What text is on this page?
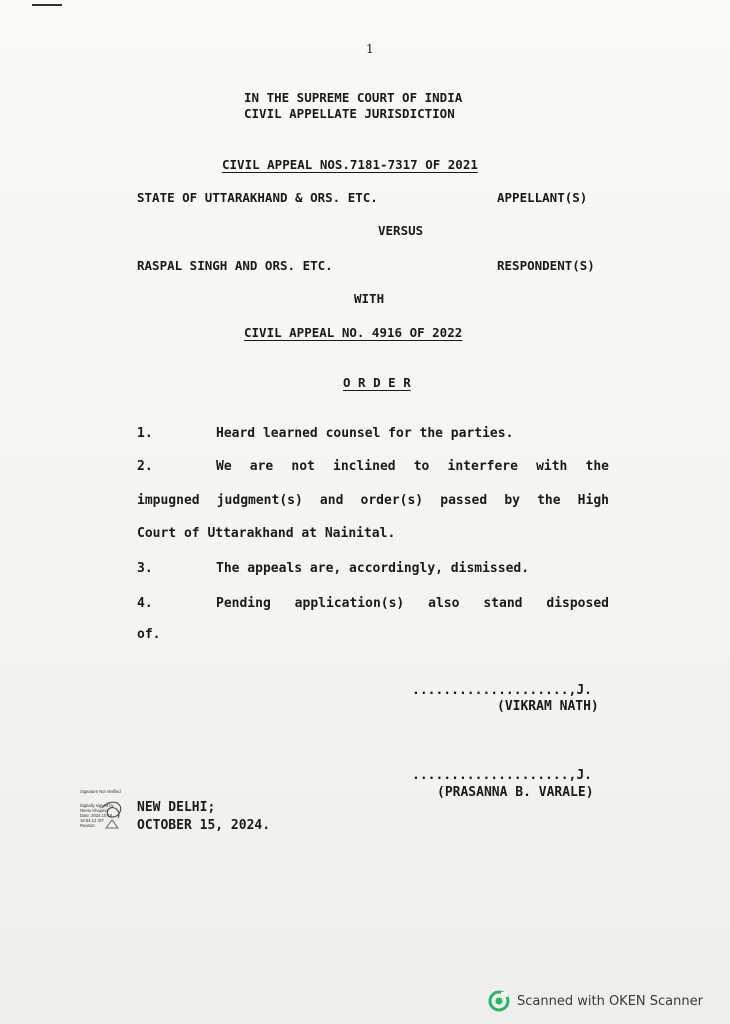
1
IN THE SUPREME COURT OF INDIA
CIVIL APPELLATE JURISDICTION
CIVIL APPEAL NOS.7181-7317 OF 2021
STATE OF UTTARAKHAND & ORS. ETC.	APPELLANT(S)
VERSUS
RASPAL SINGH AND ORS. ETC.	RESPONDENT(S)
WITH
CIVIL APPEAL NO. 4916 OF 2022
O R D E R
1.	Heard learned counsel for the parties.
2.	We are not inclined to interfere with the
impugned judgment(s) and order(s) passed by the High
Court of Uttarakhand at Nainital.
3.	The appeals are, accordingly, dismissed.
4.	Pending application(s) also stand disposed
of.
....................,J.
(VIKRAM NATH)
....................,J.
(PRASANNA B. VARALE)
Signature Not Verified
Digitally signed by
Neetu Khajuria
Date: 2024.10.19
16:54:12 IST
Reason:
NEW DELHI;
OCTOBER 15, 2024.
Scanned with OKEN Scanner
